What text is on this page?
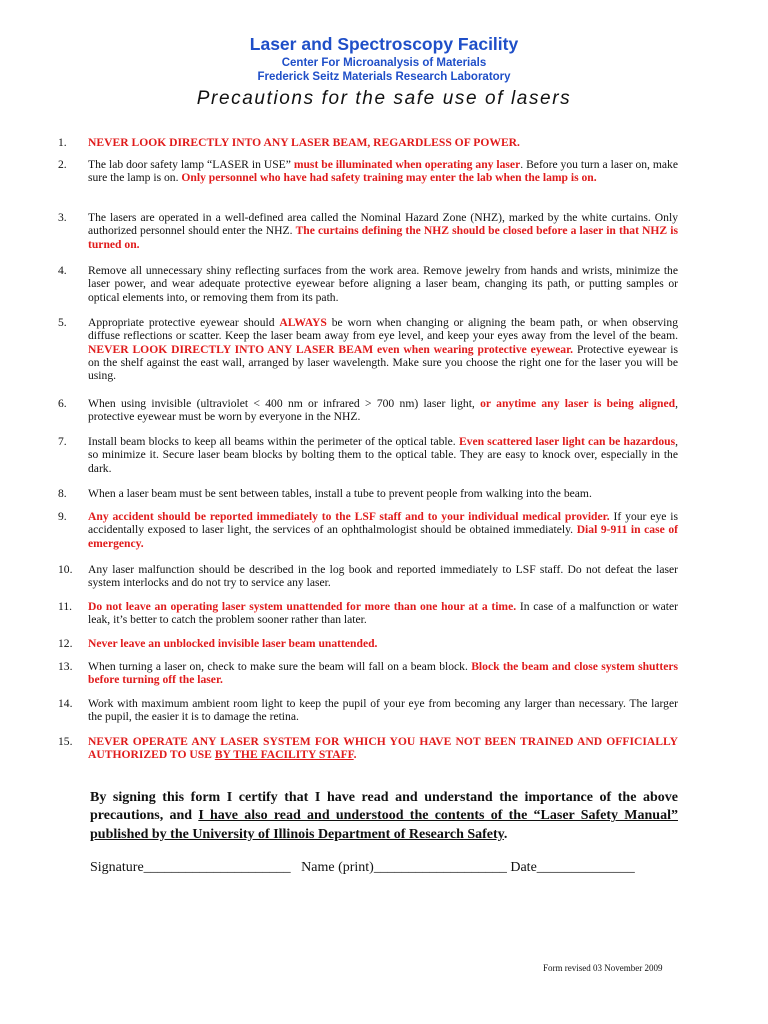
Laser and Spectroscopy Facility
Center For Microanalysis of Materials
Frederick Seitz Materials Research Laboratory
Precautions for the safe use of lasers
1.	NEVER LOOK DIRECTLY INTO ANY LASER BEAM, REGARDLESS OF POWER.
2.	The lab door safety lamp “LASER in USE” must be illuminated when operating any laser. Before you turn a laser on, make sure the lamp is on. Only personnel who have had safety training may enter the lab when the lamp is on.
3.	The lasers are operated in a well-defined area called the Nominal Hazard Zone (NHZ), marked by the white curtains. Only authorized personnel should enter the NHZ. The curtains defining the NHZ should be closed before a laser in that NHZ is turned on.
4.	Remove all unnecessary shiny reflecting surfaces from the work area. Remove jewelry from hands and wrists, minimize the laser power, and wear adequate protective eyewear before aligning a laser beam, changing its path, or putting samples or optical elements into, or removing them from its path.
5.	Appropriate protective eyewear should ALWAYS be worn when changing or aligning the beam path, or when observing diffuse reflections or scatter. Keep the laser beam away from eye level, and keep your eyes away from the level of the beam. NEVER LOOK DIRECTLY INTO ANY LASER BEAM even when wearing protective eyewear. Protective eyewear is on the shelf against the east wall, arranged by laser wavelength. Make sure you choose the right one for the laser you will be using.
6.	When using invisible (ultraviolet < 400 nm or infrared > 700 nm) laser light, or anytime any laser is being aligned, protective eyewear must be worn by everyone in the NHZ.
7.	Install beam blocks to keep all beams within the perimeter of the optical table. Even scattered laser light can be hazardous, so minimize it. Secure laser beam blocks by bolting them to the optical table. They are easy to knock over, especially in the dark.
8.	When a laser beam must be sent between tables, install a tube to prevent people from walking into the beam.
9.	Any accident should be reported immediately to the LSF staff and to your individual medical provider. If your eye is accidentally exposed to laser light, the services of an ophthalmologist should be obtained immediately. Dial 9-911 in case of emergency.
10.	Any laser malfunction should be described in the log book and reported immediately to LSF staff. Do not defeat the laser system interlocks and do not try to service any laser.
11.	Do not leave an operating laser system unattended for more than one hour at a time. In case of a malfunction or water leak, it’s better to catch the problem sooner rather than later.
12.	Never leave an unblocked invisible laser beam unattended.
13.	When turning a laser on, check to make sure the beam will fall on a beam block. Block the beam and close system shutters before turning off the laser.
14.	Work with maximum ambient room light to keep the pupil of your eye from becoming any larger than necessary. The larger the pupil, the easier it is to damage the retina.
15.	NEVER OPERATE ANY LASER SYSTEM FOR WHICH YOU HAVE NOT BEEN TRAINED AND OFFICIALLY AUTHORIZED TO USE BY THE FACILITY STAFF.
By signing this form I certify that I have read and understand the importance of the above precautions, and I have also read and understood the contents of the “Laser Safety Manual” published by the University of Illinois Department of Research Safety.
Signature_____________________   Name (print)___________________ Date______________
Form revised 03 November 2009
